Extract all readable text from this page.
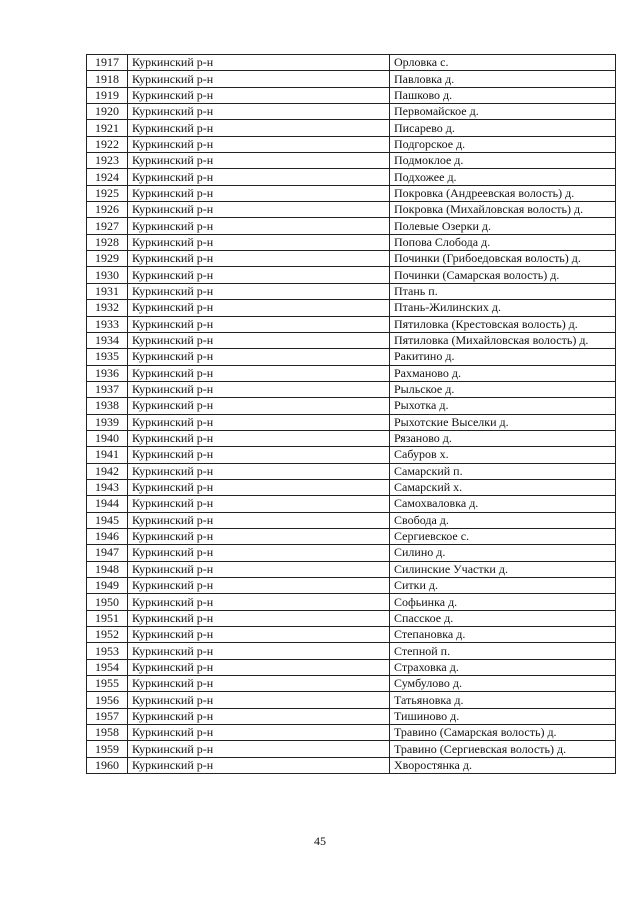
1917	Куркинский р-н	Орловка с.
1918	Куркинский р-н	Павловка д.
1919	Куркинский р-н	Пашково д.
1920	Куркинский р-н	Первомайское д.
1921	Куркинский р-н	Писарево д.
1922	Куркинский р-н	Подгорское д.
1923	Куркинский р-н	Подмоклое д.
1924	Куркинский р-н	Подхожее д.
1925	Куркинский р-н	Покровка (Андреевская волость) д.
1926	Куркинский р-н	Покровка (Михайловская волость) д.
1927	Куркинский р-н	Полевые Озерки д.
1928	Куркинский р-н	Попова Слобода д.
1929	Куркинский р-н	Починки (Грибоедовская волость) д.
1930	Куркинский р-н	Починки (Самарская волость) д.
1931	Куркинский р-н	Птань п.
1932	Куркинский р-н	Птань-Жилинских д.
1933	Куркинский р-н	Пятиловка (Крестовская волость) д.
1934	Куркинский р-н	Пятиловка (Михайловская волость) д.
1935	Куркинский р-н	Ракитино д.
1936	Куркинский р-н	Рахманово д.
1937	Куркинский р-н	Рыльское д.
1938	Куркинский р-н	Рыхотка д.
1939	Куркинский р-н	Рыхотские Выселки д.
1940	Куркинский р-н	Рязаново д.
1941	Куркинский р-н	Сабуров х.
1942	Куркинский р-н	Самарский п.
1943	Куркинский р-н	Самарский х.
1944	Куркинский р-н	Самохваловка д.
1945	Куркинский р-н	Свобода д.
1946	Куркинский р-н	Сергиевское с.
1947	Куркинский р-н	Силино д.
1948	Куркинский р-н	Силинские Участки д.
1949	Куркинский р-н	Ситки д.
1950	Куркинский р-н	Софьинка д.
1951	Куркинский р-н	Спасское д.
1952	Куркинский р-н	Степановка д.
1953	Куркинский р-н	Степной п.
1954	Куркинский р-н	Страховка д.
1955	Куркинский р-н	Сумбулово д.
1956	Куркинский р-н	Татьяновка д.
1957	Куркинский р-н	Тишиново д.
1958	Куркинский р-н	Травино (Самарская волость) д.
1959	Куркинский р-н	Травино (Сергиевская волость) д.
1960	Куркинский р-н	Хворостянка д.
45
